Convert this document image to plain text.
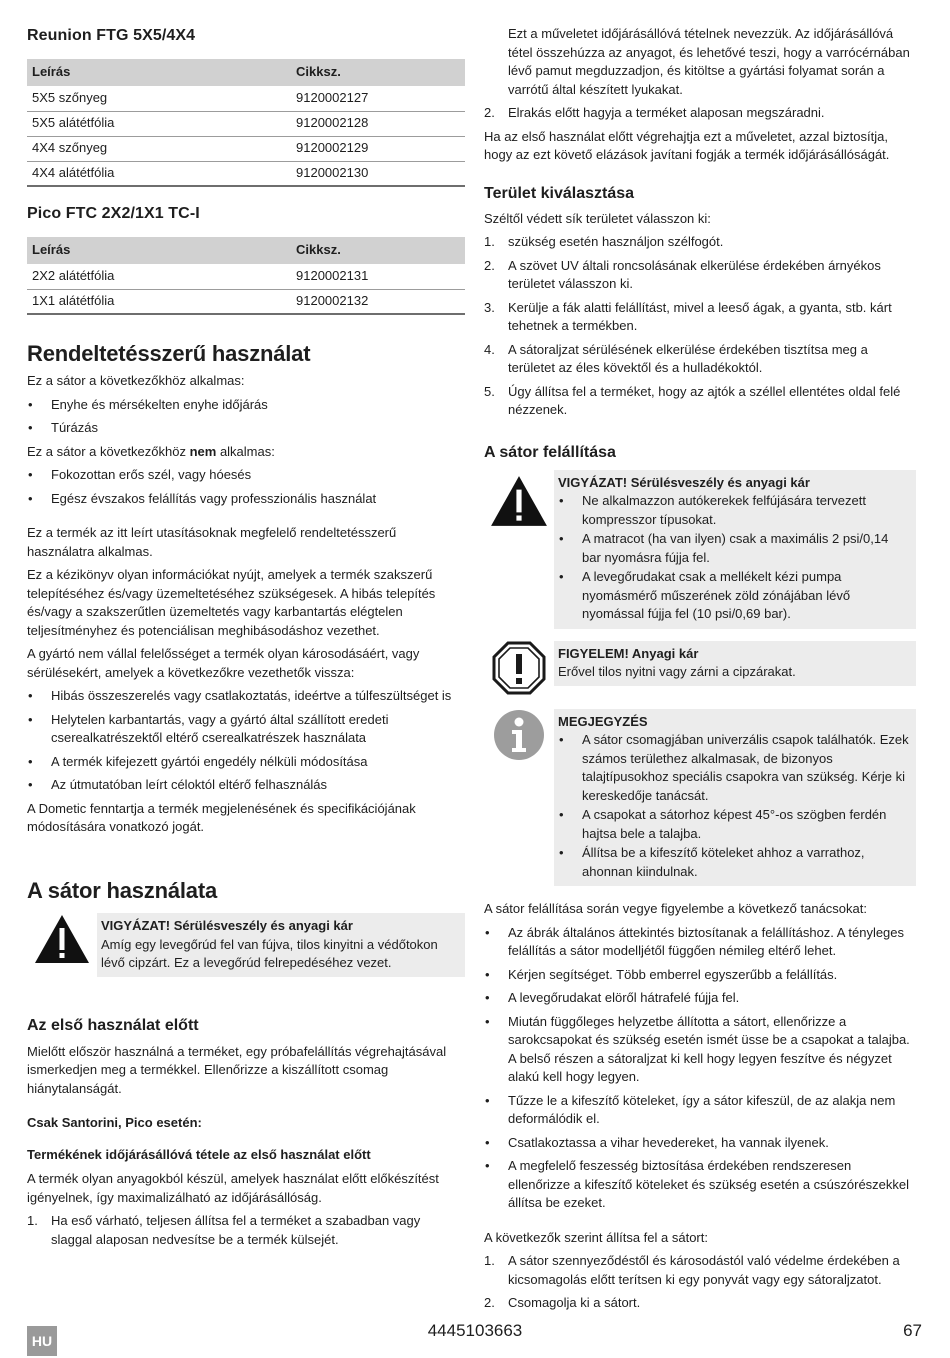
Reunion FTG 5X5/4X4
Leírás	Cikksz.
5X5 szőnyeg	9120002127
5X5 alátétfólia	9120002128
4X4 szőnyeg	9120002129
4X4 alátétfólia	9120002130
Pico FTC 2X2/1X1 TC-I
Leírás	Cikksz.
2X2 alátétfólia	9120002131
1X1 alátétfólia	9120002132
Rendeltetésszerű használat

Ez a sátor a következőkhöz alkalmas:

• Enyhe és mérsékelten enyhe időjárás
• Túrázás

Ez a sátor a következőkhöz nem alkalmas:

• Fokozottan erős szél, vagy hóesés
• Egész évszakos felállítás vagy professzionális használat

Ez a termék az itt leírt utasításoknak megfelelő rendeltetésszerű használatra alkalmas.

Ez a kézikönyv olyan információkat nyújt, amelyek a termék szakszerű telepítéséhez és/vagy üzemeltetéséhez szükségesek. A hibás telepítés és/vagy a szakszerűtlen üzemeltetés vagy karbantartás elégtelen teljesítményhez és potenciálisan meghibásodáshoz vezethet.

A gyártó nem vállal felelősséget a termék olyan károsodásáért, vagy sérülésekért, amelyek a következőkre vezethetők vissza:

• Hibás összeszerelés vagy csatlakoztatás, ideértve a túlfeszültséget is
• Helytelen karbantartás, vagy a gyártó által szállított eredeti cserealkatrészektől eltérő cserealkatrészek használata
• A termék kifejezett gyártói engedély nélküli módosítása
• Az útmutatóban leírt céloktól eltérő felhasználás

A Dometic fenntartja a termék megjelenésének és specifikációjának módosítására vonatkozó jogát.

A sátor használata
VIGYÁZAT! Sérülésveszély és anyagi kár
Amíg egy levegőrúd fel van fújva, tilos kinyitni a védőtokon lévő cipzárt. Ez a levegőrúd felrepedéséhez vezet.
Az első használat előtt

Mielőtt először használná a terméket, egy próbafelállítás végrehajtásával ismerkedjen meg a termékkel. Ellenőrizze a kiszállított csomag hiánytalanságát.

Csak Santorini, Pico esetén:
Termékének időjárásállóvá tétele az első használat előtt

A termék olyan anyagokból készül, amelyek használat előtt előkészítést igényelnek, így maximalizálható az időjárásállóság.

1. Ha eső várható, teljesen állítsa fel a terméket a szabadban vagy slaggal alaposan nedvesítse be a termék külsejét.

Ezt a műveletet időjárásállóvá tételnek nevezzük. Az időjárásállóvá tétel összehúzza az anyagot, és lehetővé teszi, hogy a varrócérnában lévő pamut megduzzadjon, és kitöltse a gyártási folyamat során a varrótű által készített lyukakat.

2. Elrakás előtt hagyja a terméket alaposan megszáradni.

Ha az első használat előtt végrehajtja ezt a műveletet, azzal biztosítja, hogy az ezt követő elázások javítani fogják a termék időjárásállóságát.

Terület kiválasztása

Széltől védett sík területet válasszon ki:

1. szükség esetén használjon szélfogót.
2. A szövet UV általi roncsolásának elkerülése érdekében árnyékos területet válasszon ki.
3. Kerülje a fák alatti felállítást, mivel a leeső ágak, a gyanta, stb. kárt tehetnek a termékben.
4. A sátoraljzat sérülésének elkerülése érdekében tisztítsa meg a területet az éles kövektől és a hulladékoktól.
5. Úgy állítsa fel a terméket, hogy az ajtók a széllel ellentétes oldal felé nézzenek.
A sátor felállítása
VIGYÁZAT! Sérülésveszély és anyagi kár
• Ne alkalmazzon autókerekek felfújására tervezett kompresszor típusokat.
• A matracot (ha van ilyen) csak a maximális 2 psi/0,14 bar nyomásra fújja fel.
• A levegőrudakat csak a mellékelt kézi pumpa nyomásmérő műszerének zöld zónájában lévő nyomással fújja fel (10 psi/0,69 bar).
FIGYELEM! Anyagi kár
Erővel tilos nyitni vagy zárni a cipzárakat.
MEGJEGYZÉS
• A sátor csomagjában univerzális csapok találhatók. Ezek számos területhez alkalmasak, de bizonyos talajtípusokhoz speciális csapokra van szükség. Kérje ki kereskedője tanácsát.
• A csapokat a sátorhoz képest 45°-os szögben ferdén hajtsa bele a talajba.
• Állítsa be a kifeszítő köteleket ahhoz a varrathoz, ahonnan kiindulnak.

A sátor felállítása során vegye figyelembe a következő tanácsokat:

• Az ábrák általános áttekintés biztosítanak a felállításhoz. A tényleges felállítás a sátor modelljétől függően némileg eltérő lehet.
• Kérjen segítséget. Több emberrel egyszerűbb a felállítás.
• A levegőrudakat elöről hátrafelé fújja fel.
• Miután függőleges helyzetbe állította a sátort, ellenőrizze a sarokcsapokat és szükség esetén ismét üsse be a csapokat a talajba. A belső részen a sátoraljzat ki kell hogy legyen feszítve és négyzet alakú kell hogy legyen.
• Tűzze le a kifeszítő köteleket, így a sátor kifeszül, de az alakja nem deformálódik el.
• Csatlakoztassa a vihar hevedereket, ha vannak ilyenek.
• A megfelelő feszesség biztosítása érdekében rendszeresen ellenőrizze a kifeszítő köteleket és szükség esetén a csúszórészekkel állítsa be ezeket.

A következők szerint állítsa fel a sátort:

1. A sátor szennyeződéstől és károsodástól való védelme érdekében a kicsomagolás előtt terítsen ki egy ponyvát vagy egy sátoraljzatot.
2. Csomagolja ki a sátort.
HU
4445103663	67
